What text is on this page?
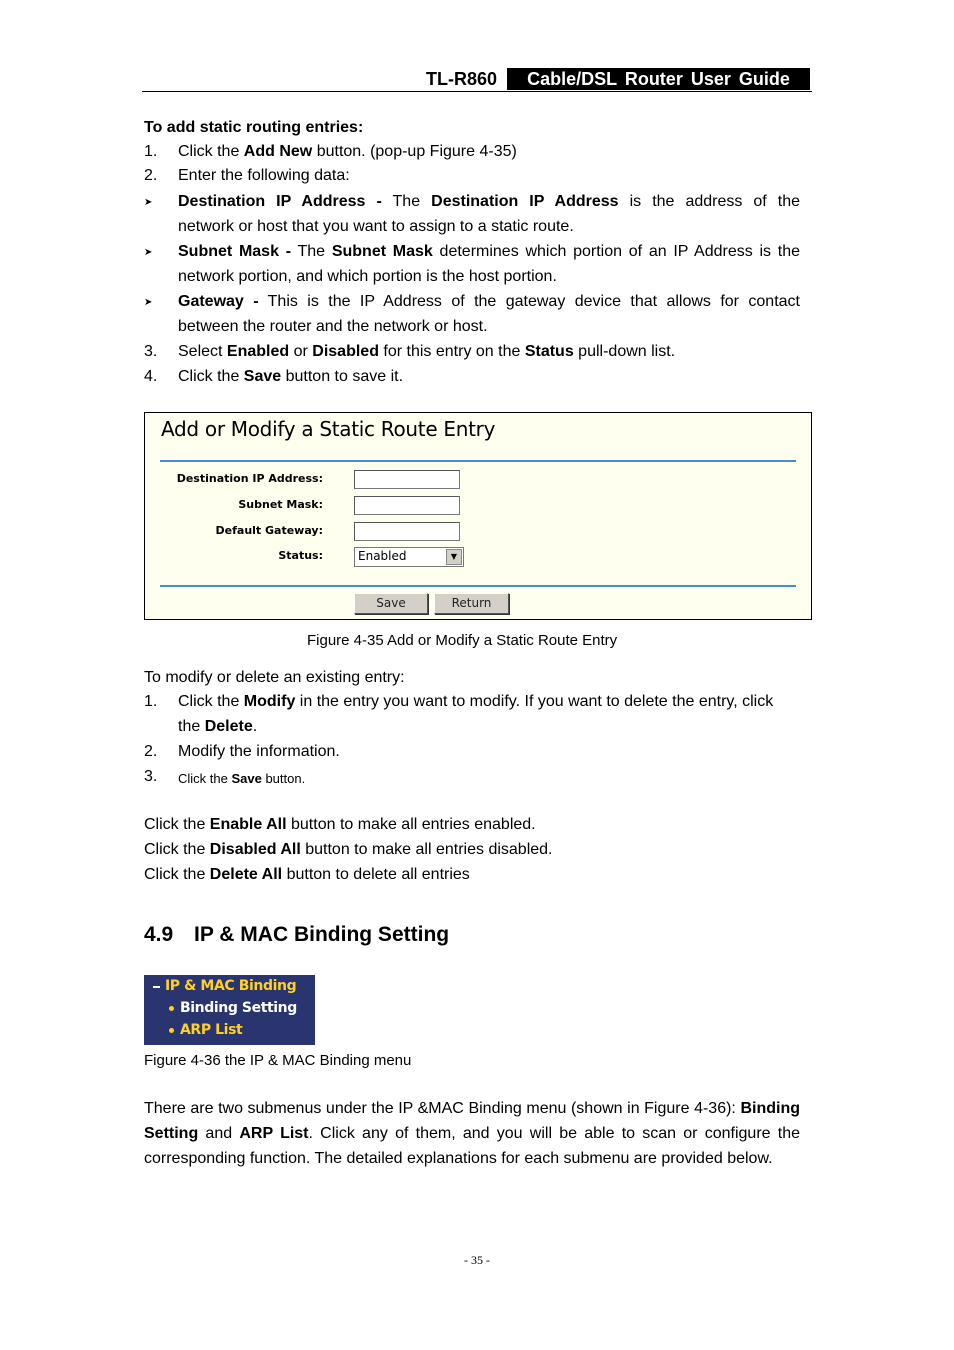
TL-R860	Cable/DSL Router User Guide
To add static routing entries:
1. Click the Add New button. (pop-up Figure 4-35)
2. Enter the following data:
➤ Destination IP Address - The Destination IP Address is the address of the
network or host that you want to assign to a static route.
➤ Subnet Mask - The Subnet Mask determines which portion of an IP Address is the
network portion, and which portion is the host portion.
➤ Gateway - This is the IP Address of the gateway device that allows for contact
between the router and the network or host.
3. Select Enabled or Disabled for this entry on the Status pull-down list.
4. Click the Save button to save it.
Add or Modify a Static Route Entry
Destination IP Address:
Subnet Mask:
Default Gateway:
Status:	Enabled	▼
Save	Return
Figure 4-35 Add or Modify a Static Route Entry
To modify or delete an existing entry:
1. Click the Modify in the entry you want to modify. If you want to delete the entry, click
the Delete.
2. Modify the information.
3. Click the Save button.
Click the Enable All button to make all entries enabled.
Click the Disabled All button to make all entries disabled.
Click the Delete All button to delete all entries
4.9 IP & MAC Binding Setting
IP & MAC Binding
Binding Setting
ARP List
Figure 4-36 the IP & MAC Binding menu
There are two submenus under the IP &MAC Binding menu (shown in Figure 4-36): Binding Setting and ARP List. Click any of them, and you will be able to scan or configure the corresponding function. The detailed explanations for each submenu are provided below.
- 35 -
